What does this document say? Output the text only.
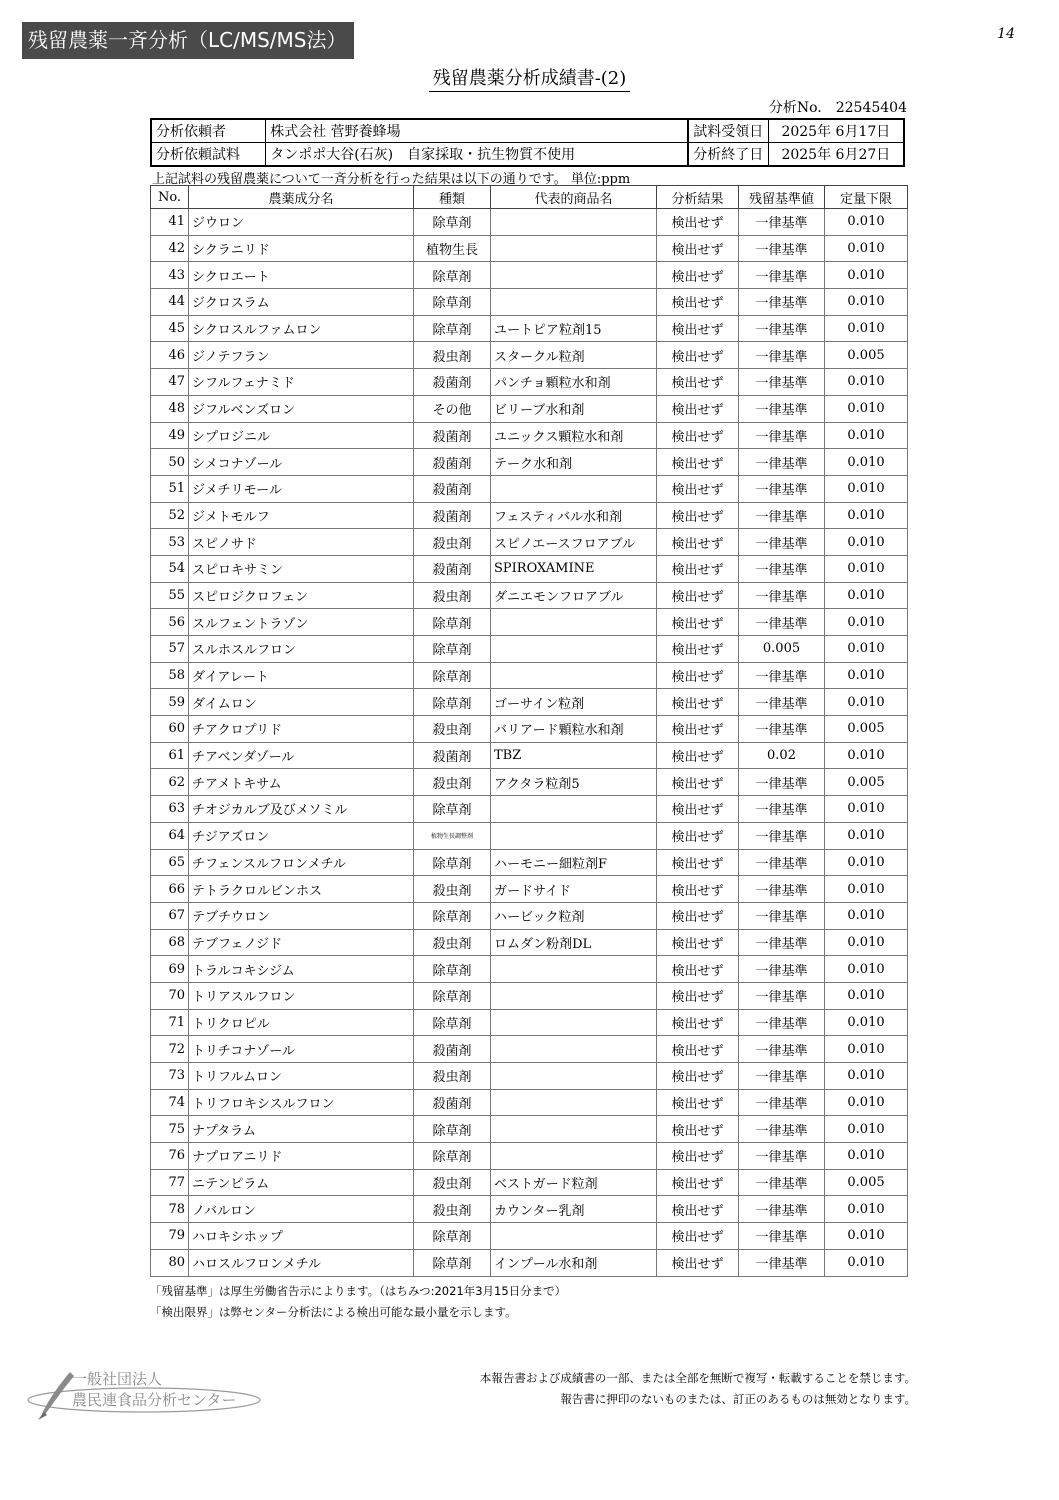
残留農薬一斉分析（LC/MS/MS法）	14
残留農薬分析成績書-(2)
分析No. 22545404
分析依頼者	株式会社 菅野養蜂場	試料受領日	2025年 6月17日
分析依頼試料	タンポポ大谷(石灰)　自家採取・抗生物質不使用	分析終了日	2025年 6月27日
上記試料の残留農薬について一斉分析を行った結果は以下の通りです。 単位:ppm
No.	農薬成分名	種類	代表的商品名	分析結果	残留基準値	定量下限
41	ジウロン	除草剤		検出せず	一律基準	0.010
42	シクラニリド	植物生長		検出せず	一律基準	0.010
43	シクロエート	除草剤		検出せず	一律基準	0.010
44	ジクロスラム	除草剤		検出せず	一律基準	0.010
45	シクロスルファムロン	除草剤	ユートピア粒剤15	検出せず	一律基準	0.010
46	ジノテフラン	殺虫剤	スタークル粒剤	検出せず	一律基準	0.005
47	シフルフェナミド	殺菌剤	パンチョ顆粒水和剤	検出せず	一律基準	0.010
48	ジフルベンズロン	その他	ビリーブ水和剤	検出せず	一律基準	0.010
49	シプロジニル	殺菌剤	ユニックス顆粒水和剤	検出せず	一律基準	0.010
50	シメコナゾール	殺菌剤	テーク水和剤	検出せず	一律基準	0.010
51	ジメチリモール	殺菌剤		検出せず	一律基準	0.010
52	ジメトモルフ	殺菌剤	フェスティバル水和剤	検出せず	一律基準	0.010
53	スピノサド	殺虫剤	スピノエースフロアブル	検出せず	一律基準	0.010
54	スピロキサミン	殺菌剤	SPIROXAMINE	検出せず	一律基準	0.010
55	スピロジクロフェン	殺虫剤	ダニエモンフロアブル	検出せず	一律基準	0.010
56	スルフェントラゾン	除草剤		検出せず	一律基準	0.010
57	スルホスルフロン	除草剤		検出せず	0.005	0.010
58	ダイアレート	除草剤		検出せず	一律基準	0.010
59	ダイムロン	除草剤	ゴーサイン粒剤	検出せず	一律基準	0.010
60	チアクロプリド	殺虫剤	バリアード顆粒水和剤	検出せず	一律基準	0.005
61	チアベンダゾール	殺菌剤	TBZ	検出せず	0.02	0.010
62	チアメトキサム	殺虫剤	アクタラ粒剤5	検出せず	一律基準	0.005
63	チオジカルブ及びメソミル	除草剤		検出せず	一律基準	0.010
64	チジアズロン	植物生長調整剤		検出せず	一律基準	0.010
65	チフェンスルフロンメチル	除草剤	ハーモニー細粒剤F	検出せず	一律基準	0.010
66	テトラクロルビンホス	殺虫剤	ガードサイド	検出せず	一律基準	0.010
67	テブチウロン	除草剤	ハービック粒剤	検出せず	一律基準	0.010
68	テブフェノジド	殺虫剤	ロムダン粉剤DL	検出せず	一律基準	0.010
69	トラルコキシジム	除草剤		検出せず	一律基準	0.010
70	トリアスルフロン	除草剤		検出せず	一律基準	0.010
71	トリクロピル	除草剤		検出せず	一律基準	0.010
72	トリチコナゾール	殺菌剤		検出せず	一律基準	0.010
73	トリフルムロン	殺虫剤		検出せず	一律基準	0.010
74	トリフロキシスルフロン	殺菌剤		検出せず	一律基準	0.010
75	ナプタラム	除草剤		検出せず	一律基準	0.010
76	ナプロアニリド	除草剤		検出せず	一律基準	0.010
77	ニテンピラム	殺虫剤	ベストガード粒剤	検出せず	一律基準	0.005
78	ノバルロン	殺虫剤	カウンター乳剤	検出せず	一律基準	0.010
79	ハロキシホップ	除草剤		検出せず	一律基準	0.010
80	ハロスルフロンメチル	除草剤	インプール水和剤	検出せず	一律基準	0.010
「残留基準」は厚生労働省告示によります。（はちみつ:2021年3月15日分まで）
「検出限界」は弊センター分析法による検出可能な最小量を示します。
一般社団法人
農民連食品分析センター
本報告書および成績書の一部、または全部を無断で複写・転載することを禁じます。
報告書に押印のないものまたは、訂正のあるものは無効となります。
